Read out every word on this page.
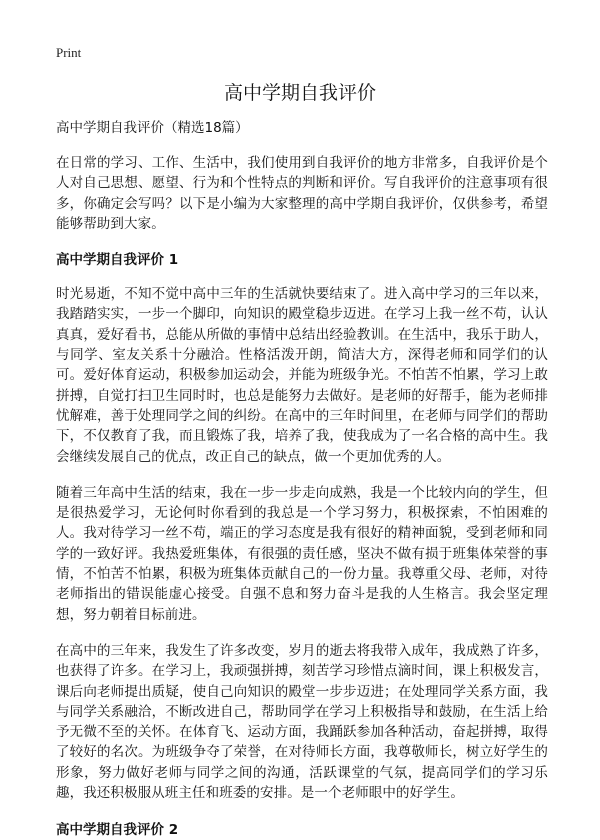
Print
高中学期自我评价

高中学期自我评价（精选18篇）

在日常的学习、工作、生活中，我们使用到自我评价的地方非常多，自我评价是个人对自己思想、愿望、行为和个性特点的判断和评价。写自我评价的注意事项有很多，你确定会写吗？以下是小编为大家整理的高中学期自我评价，仅供参考，希望能够帮助到大家。

高中学期自我评价 1

时光易逝，不知不觉中高中三年的生活就快要结束了。进入高中学习的三年以来，我踏踏实实，一步一个脚印，向知识的殿堂稳步迈进。在学习上我一丝不苟，认认真真，爱好看书，总能从所做的事情中总结出经验教训。在生活中，我乐于助人，与同学、室友关系十分融洽。性格活泼开朗，简洁大方，深得老师和同学们的认可。爱好体育运动，积极参加运动会，并能为班级争光。不怕苦不怕累，学习上敢拼搏，自觉打扫卫生同时时，也总是能努力去做好。是老师的好帮手，能为老师排忧解难，善于处理同学之间的纠纷。在高中的三年时间里，在老师与同学们的帮助下，不仅教育了我，而且锻炼了我，培养了我，使我成为了一名合格的高中生。我会继续发展自己的优点，改正自己的缺点，做一个更加优秀的人。

随着三年高中生活的结束，我在一步一步走向成熟，我是一个比较内向的学生，但是很热爱学习，无论何时你看到的我总是一个学习努力，积极探索，不怕困难的人。我对待学习一丝不苟，端正的学习态度是我有很好的精神面貌，受到老师和同学的一致好评。我热爱班集体，有很强的责任感，坚决不做有损于班集体荣誉的事情，不怕苦不怕累，积极为班集体贡献自己的一份力量。我尊重父母、老师，对待老师指出的错误能虚心接受。自强不息和努力奋斗是我的人生格言。我会坚定理想，努力朝着目标前进。

在高中的三年来，我发生了许多改变，岁月的逝去将我带入成年，我成熟了许多，也获得了许多。在学习上，我顽强拼搏，刻苦学习珍惜点滴时间，课上积极发言，课后向老师提出质疑，使自己向知识的殿堂一步步迈进；在处理同学关系方面，我与同学关系融洽，不断改进自己，帮助同学在学习上积极指导和鼓励，在生活上给予无微不至的关怀。在体育飞、运动方面，我踊跃参加各种活动，奋起拼搏，取得了较好的名次。为班级争夺了荣誉，在对待师长方面，我尊敬师长，树立好学生的形象，努力做好老师与同学之间的沟通，活跃课堂的气氛，提高同学们的学习乐趣，我还积极服从班主任和班委的安排。是一个老师眼中的好学生。

高中学期自我评价 2
